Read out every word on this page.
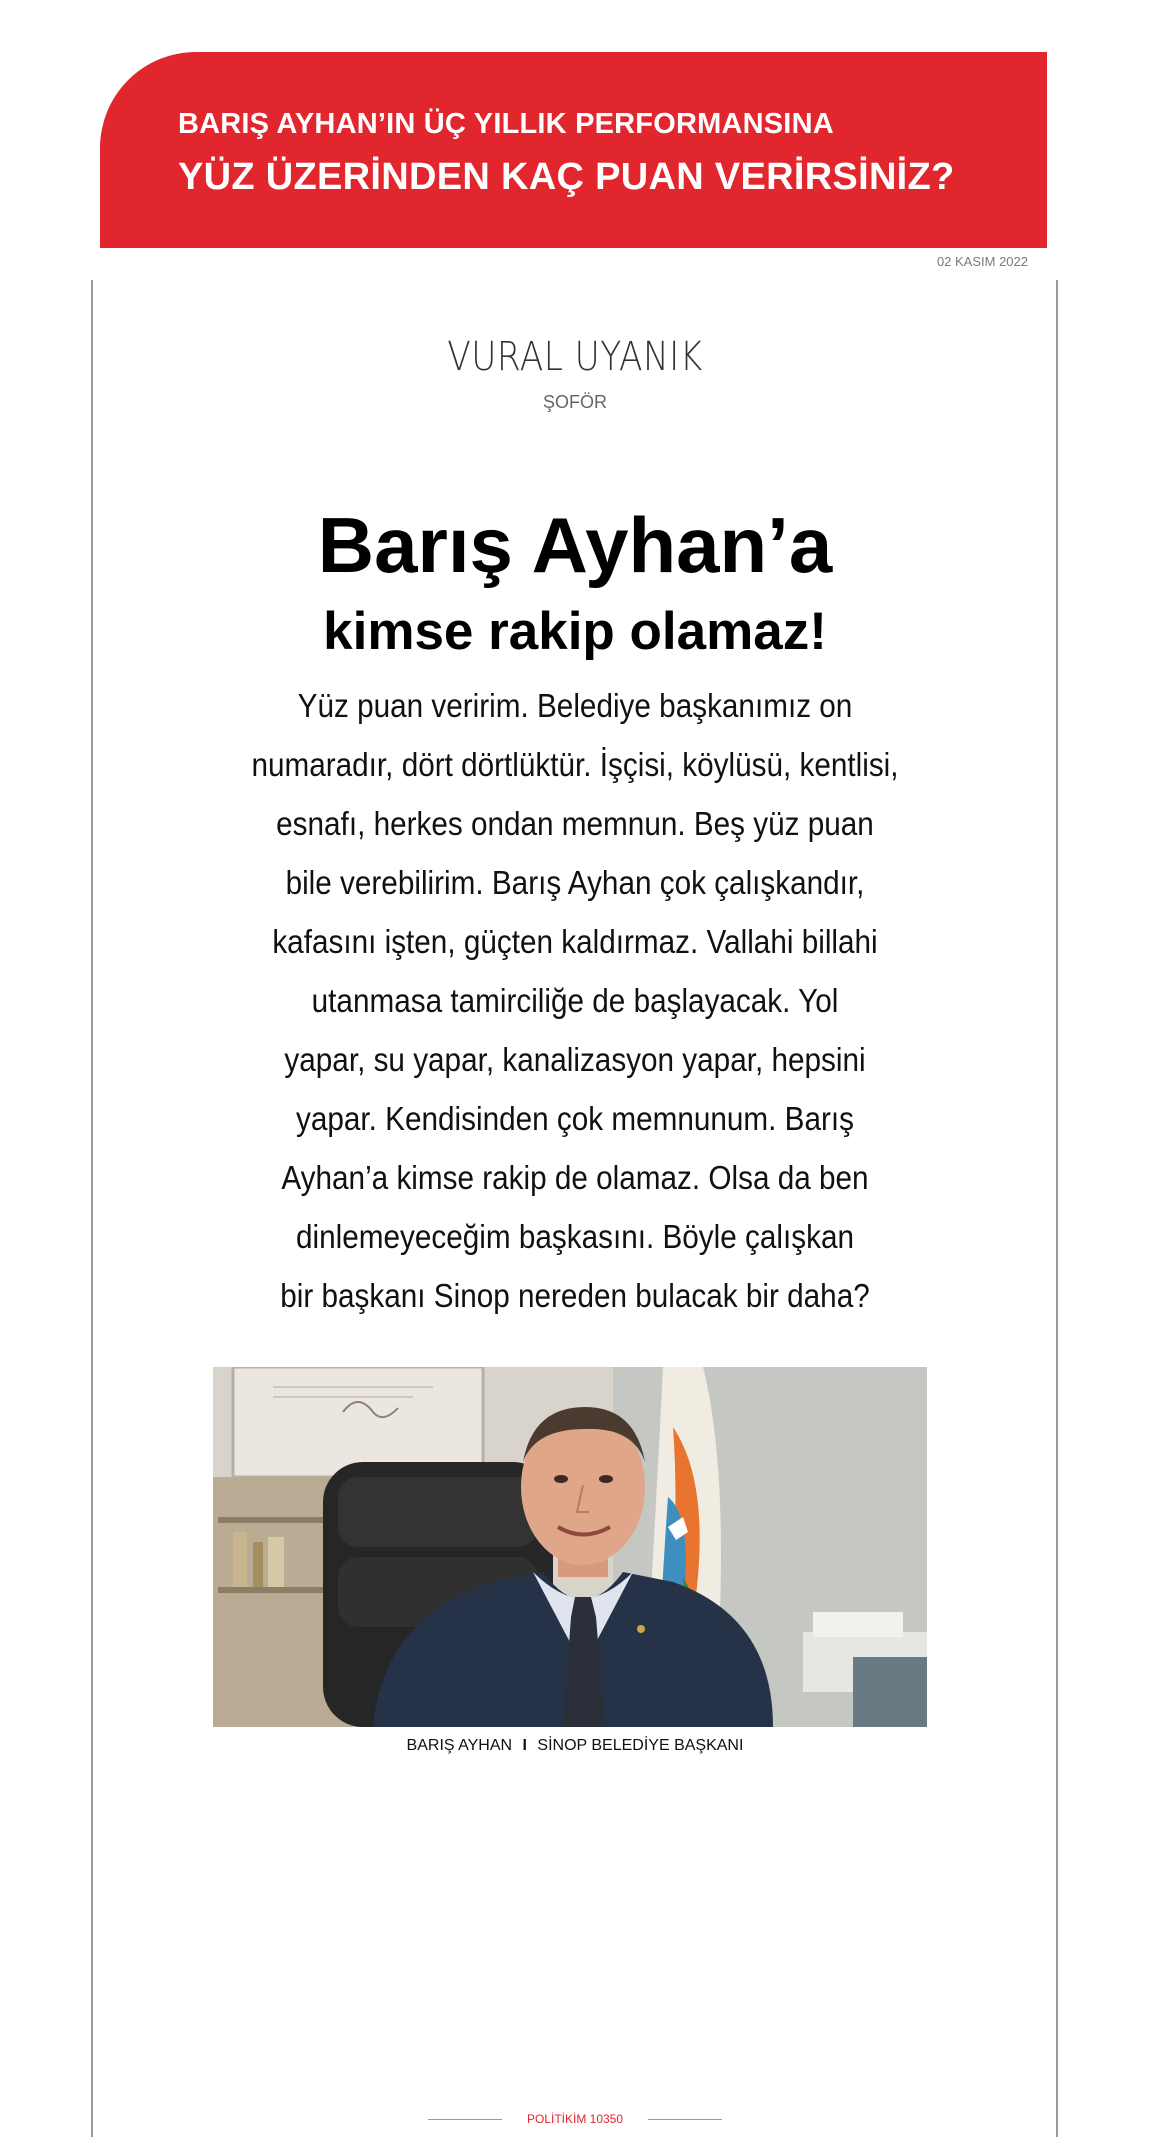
BARIŞ AYHAN’IN ÜÇ YILLIK PERFORMANSINA
YÜZ ÜZERİNDEN KAÇ PUAN VERİRSİNİZ?
02 KASIM 2022
VURAL UYANIK
ŞOFÖR
Barış Ayhan’a
kimse rakip olamaz!
Yüz puan veririm. Belediye başkanımız on
numaradır, dört dörtlüktür. İşçisi, köylüsü, kentlisi,
esnafı, herkes ondan memnun. Beş yüz puan
bile verebilirim. Barış Ayhan çok çalışkandır,
kafasını işten, güçten kaldırmaz. Vallahi billahi
utanmasa tamirciliğe de başlayacak. Yol
yapar, su yapar, kanalizasyon yapar, hepsini
yapar. Kendisinden çok memnunum. Barış
Ayhan’a kimse rakip de olamaz. Olsa da ben
dinlemeyeceğim başkasını. Böyle çalışkan
bir başkanı Sinop nereden bulacak bir daha?
BARIŞ AYHAN I SİNOP BELEDİYE BAŞKANI
POLİTİKİM 10350
